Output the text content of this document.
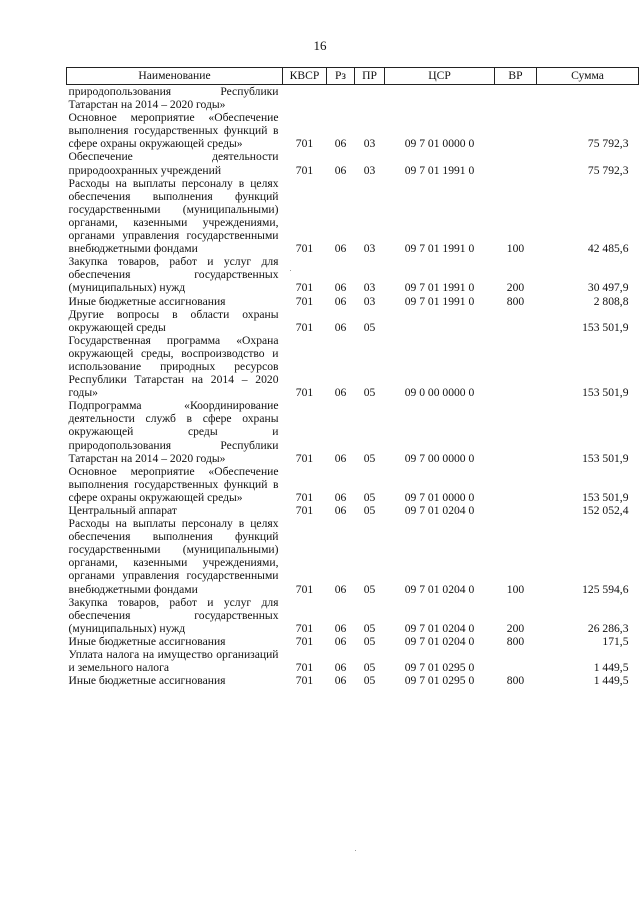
16
Наименование	КВСР	Рз	ПР	ЦСР	ВР	Сумма
природопользования Республики Татарстан на 2014 – 2020 годы»						
Основное мероприятие «Обеспечение выполнения государственных функций в сфере охраны окружающей среды»	701	06	03	09 7 01 0000 0		75 792,3
Обеспечение деятельности природоохранных учреждений	701	06	03	09 7 01 1991 0		75 792,3
Расходы на выплаты персоналу в целях обеспечения выполнения функций государственными (муниципальными) органами, казенными учреждениями, органами управления государственными внебюджетными фондами	701	06	03	09 7 01 1991 0	100	42 485,6
Закупка товаров, работ и услуг для обеспечения государственных (муниципальных) нужд	701	06	03	09 7 01 1991 0	200	30 497,9
Иные бюджетные ассигнования	701	06	03	09 7 01 1991 0	800	2 808,8
Другие вопросы в области охраны окружающей среды	701	06	05			153 501,9
Государственная программа «Охрана окружающей среды, воспроизводство и использование природных ресурсов Республики Татарстан на 2014 – 2020 годы»	701	06	05	09 0 00 0000 0		153 501,9
Подпрограмма «Координирование деятельности служб в сфере охраны окружающей среды и природопользования Республики Татарстан на 2014 – 2020 годы»	701	06	05	09 7 00 0000 0		153 501,9
Основное мероприятие «Обеспечение выполнения государственных функций в сфере охраны окружающей среды»	701	06	05	09 7 01 0000 0		153 501,9
Центральный аппарат	701	06	05	09 7 01 0204 0		152 052,4
Расходы на выплаты персоналу в целях обеспечения выполнения функций государственными (муниципальными) органами, казенными учреждениями, органами управления государственными внебюджетными фондами	701	06	05	09 7 01 0204 0	100	125 594,6
Закупка товаров, работ и услуг для обеспечения государственных (муниципальных) нужд	701	06	05	09 7 01 0204 0	200	26 286,3
Иные бюджетные ассигнования	701	06	05	09 7 01 0204 0	800	171,5
Уплата налога на имущество организаций и земельного налога	701	06	05	09 7 01 0295 0		1 449,5
Иные бюджетные ассигнования	701	06	05	09 7 01 0295 0	800	1 449,5
